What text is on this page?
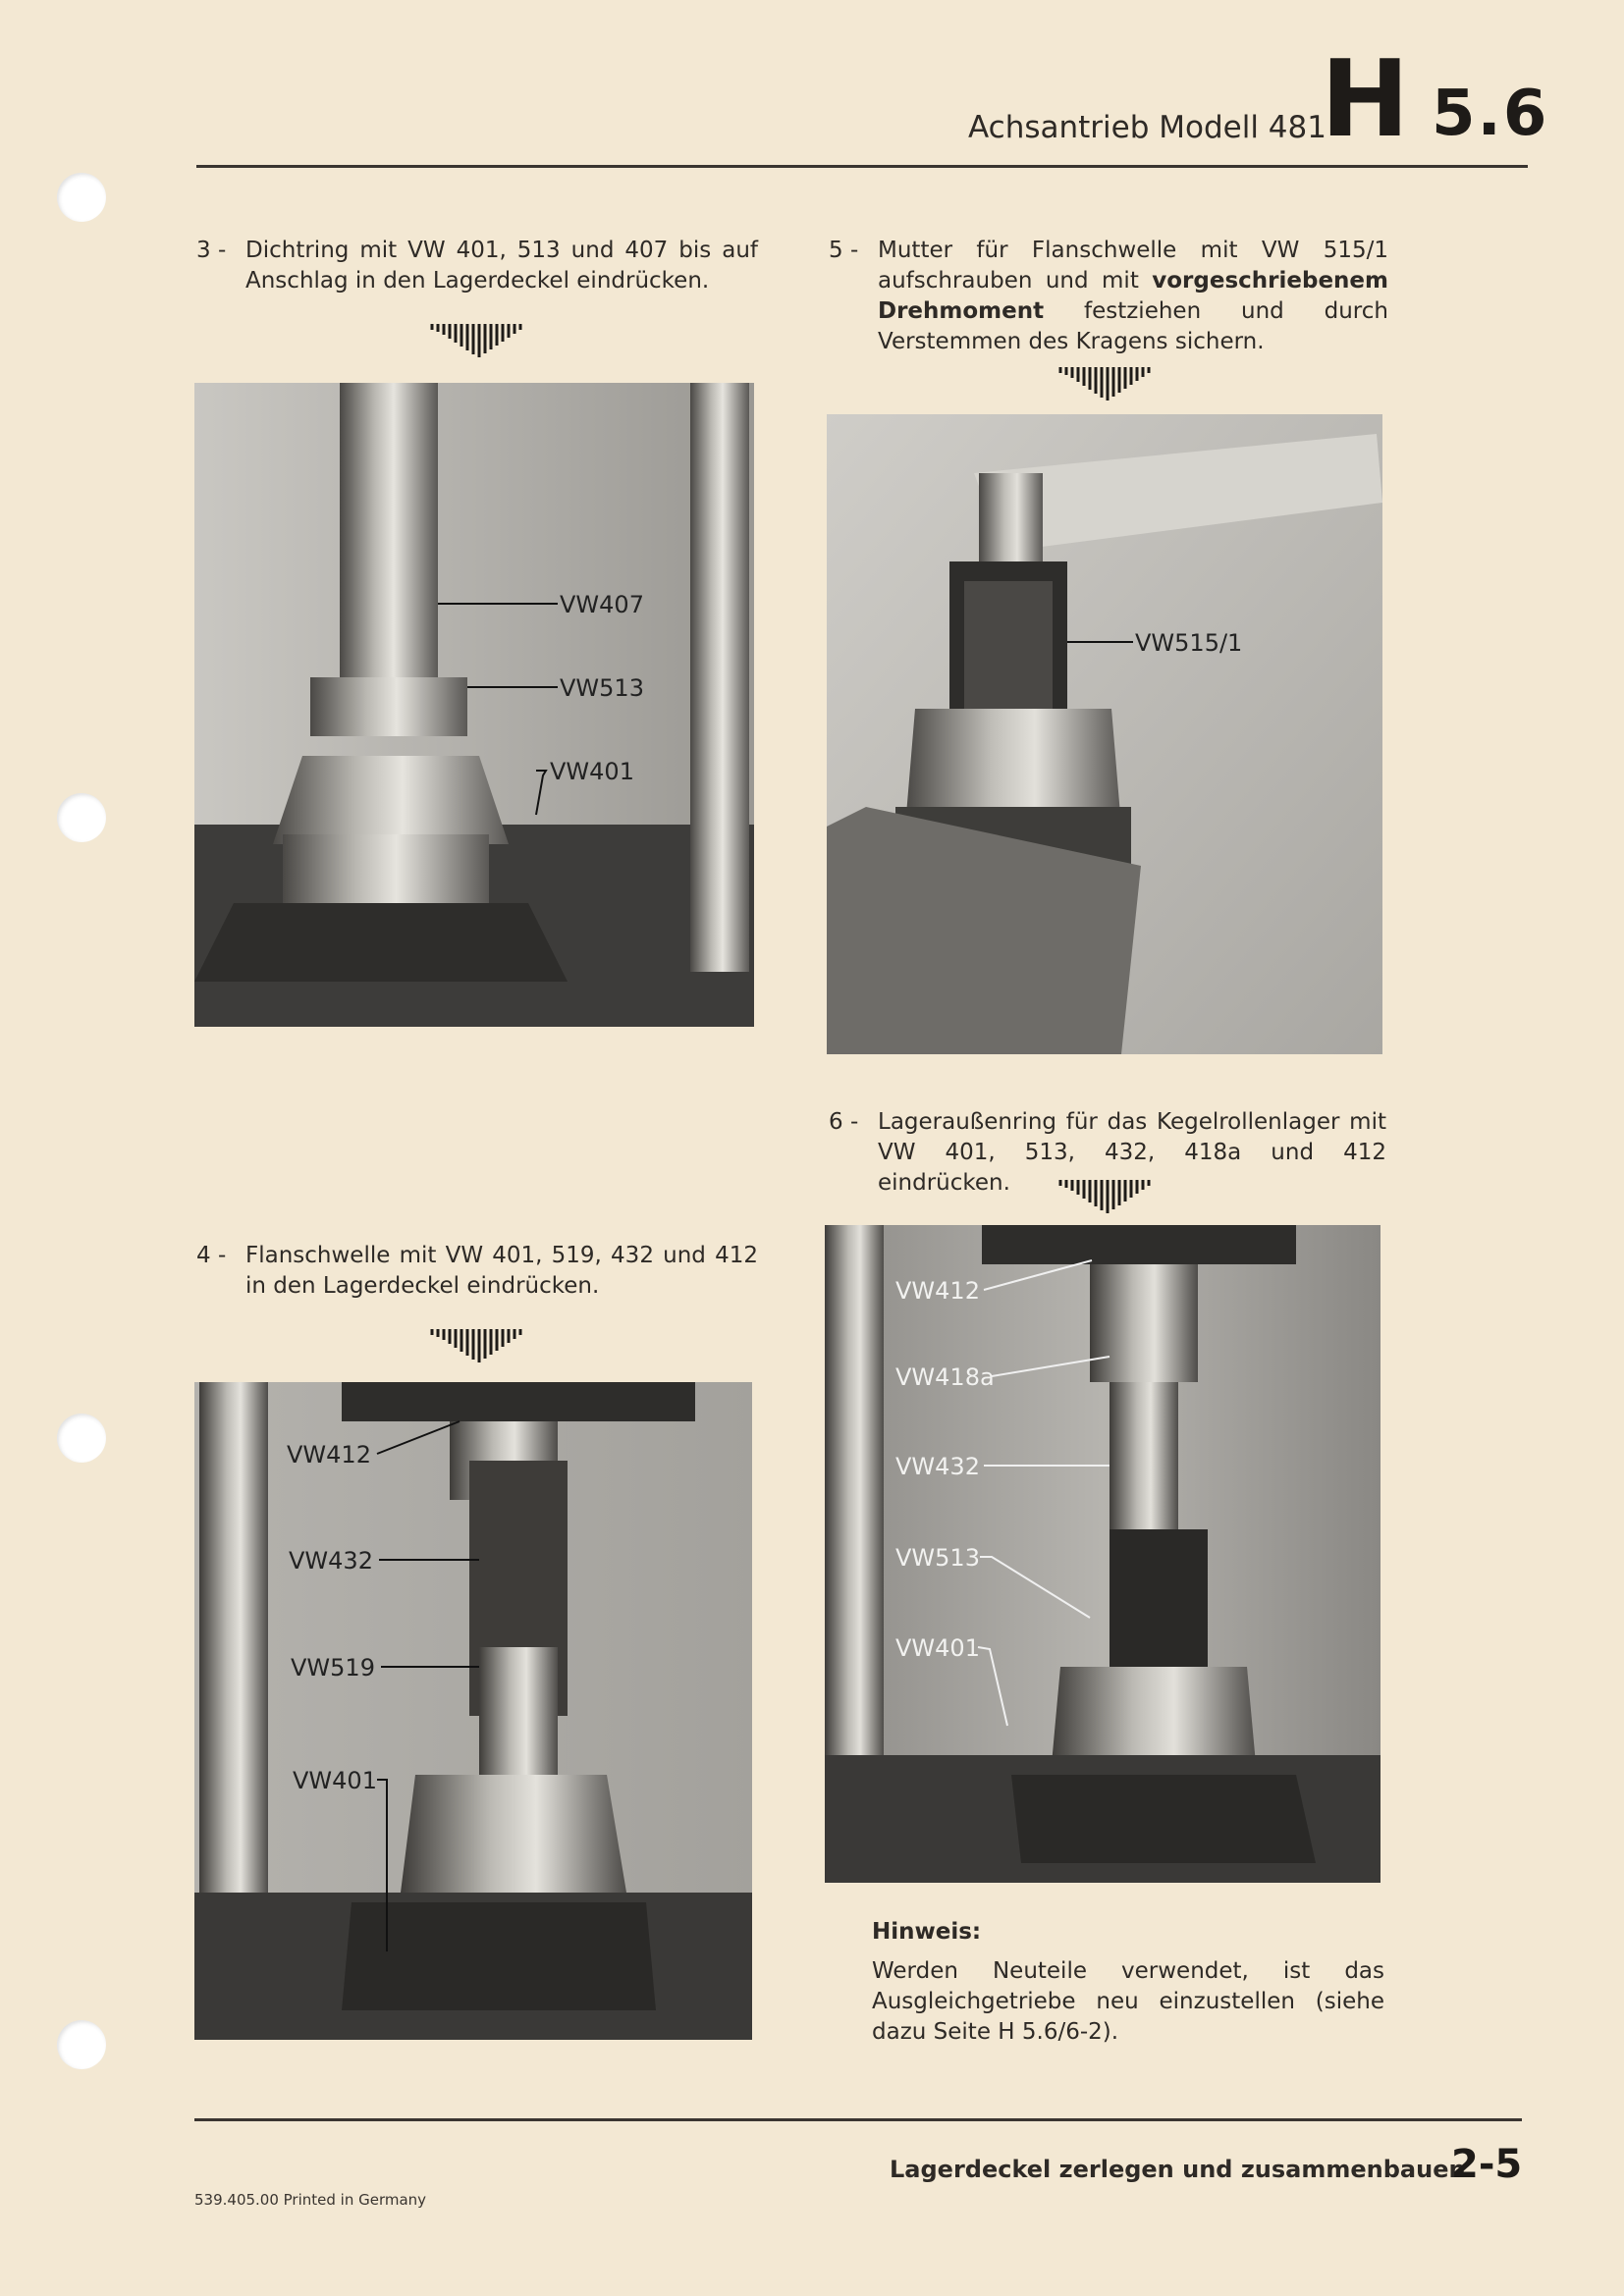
Achsantrieb Modell 481
H 5.6
3 - Dichtring mit VW 401, 513 und 407 bis auf Anschlag in den Lagerdeckel eindrücken.
VW407
VW513
VW401
5 - Mutter für Flanschwelle mit VW 515/1 aufschrauben und mit vorgeschriebenem Drehmoment festziehen und durch Verstemmen des Kragens sichern.
VW515/1
6 - Lageraußenring für das Kegelrollenlager mit VW 401, 513, 432, 418a und 412 eindrücken.
VW412
VW418a
VW432
VW513
VW401
4 - Flanschwelle mit VW 401, 519, 432 und 412 in den Lagerdeckel eindrücken.
VW412
VW432
VW519
VW401
Hinweis:
Werden Neuteile verwendet, ist das Ausgleichgetriebe neu einzustellen (siehe dazu Seite H 5.6/6-2).
Lagerdeckel zerlegen und zusammenbauen
2-5
539.405.00 Printed in Germany
